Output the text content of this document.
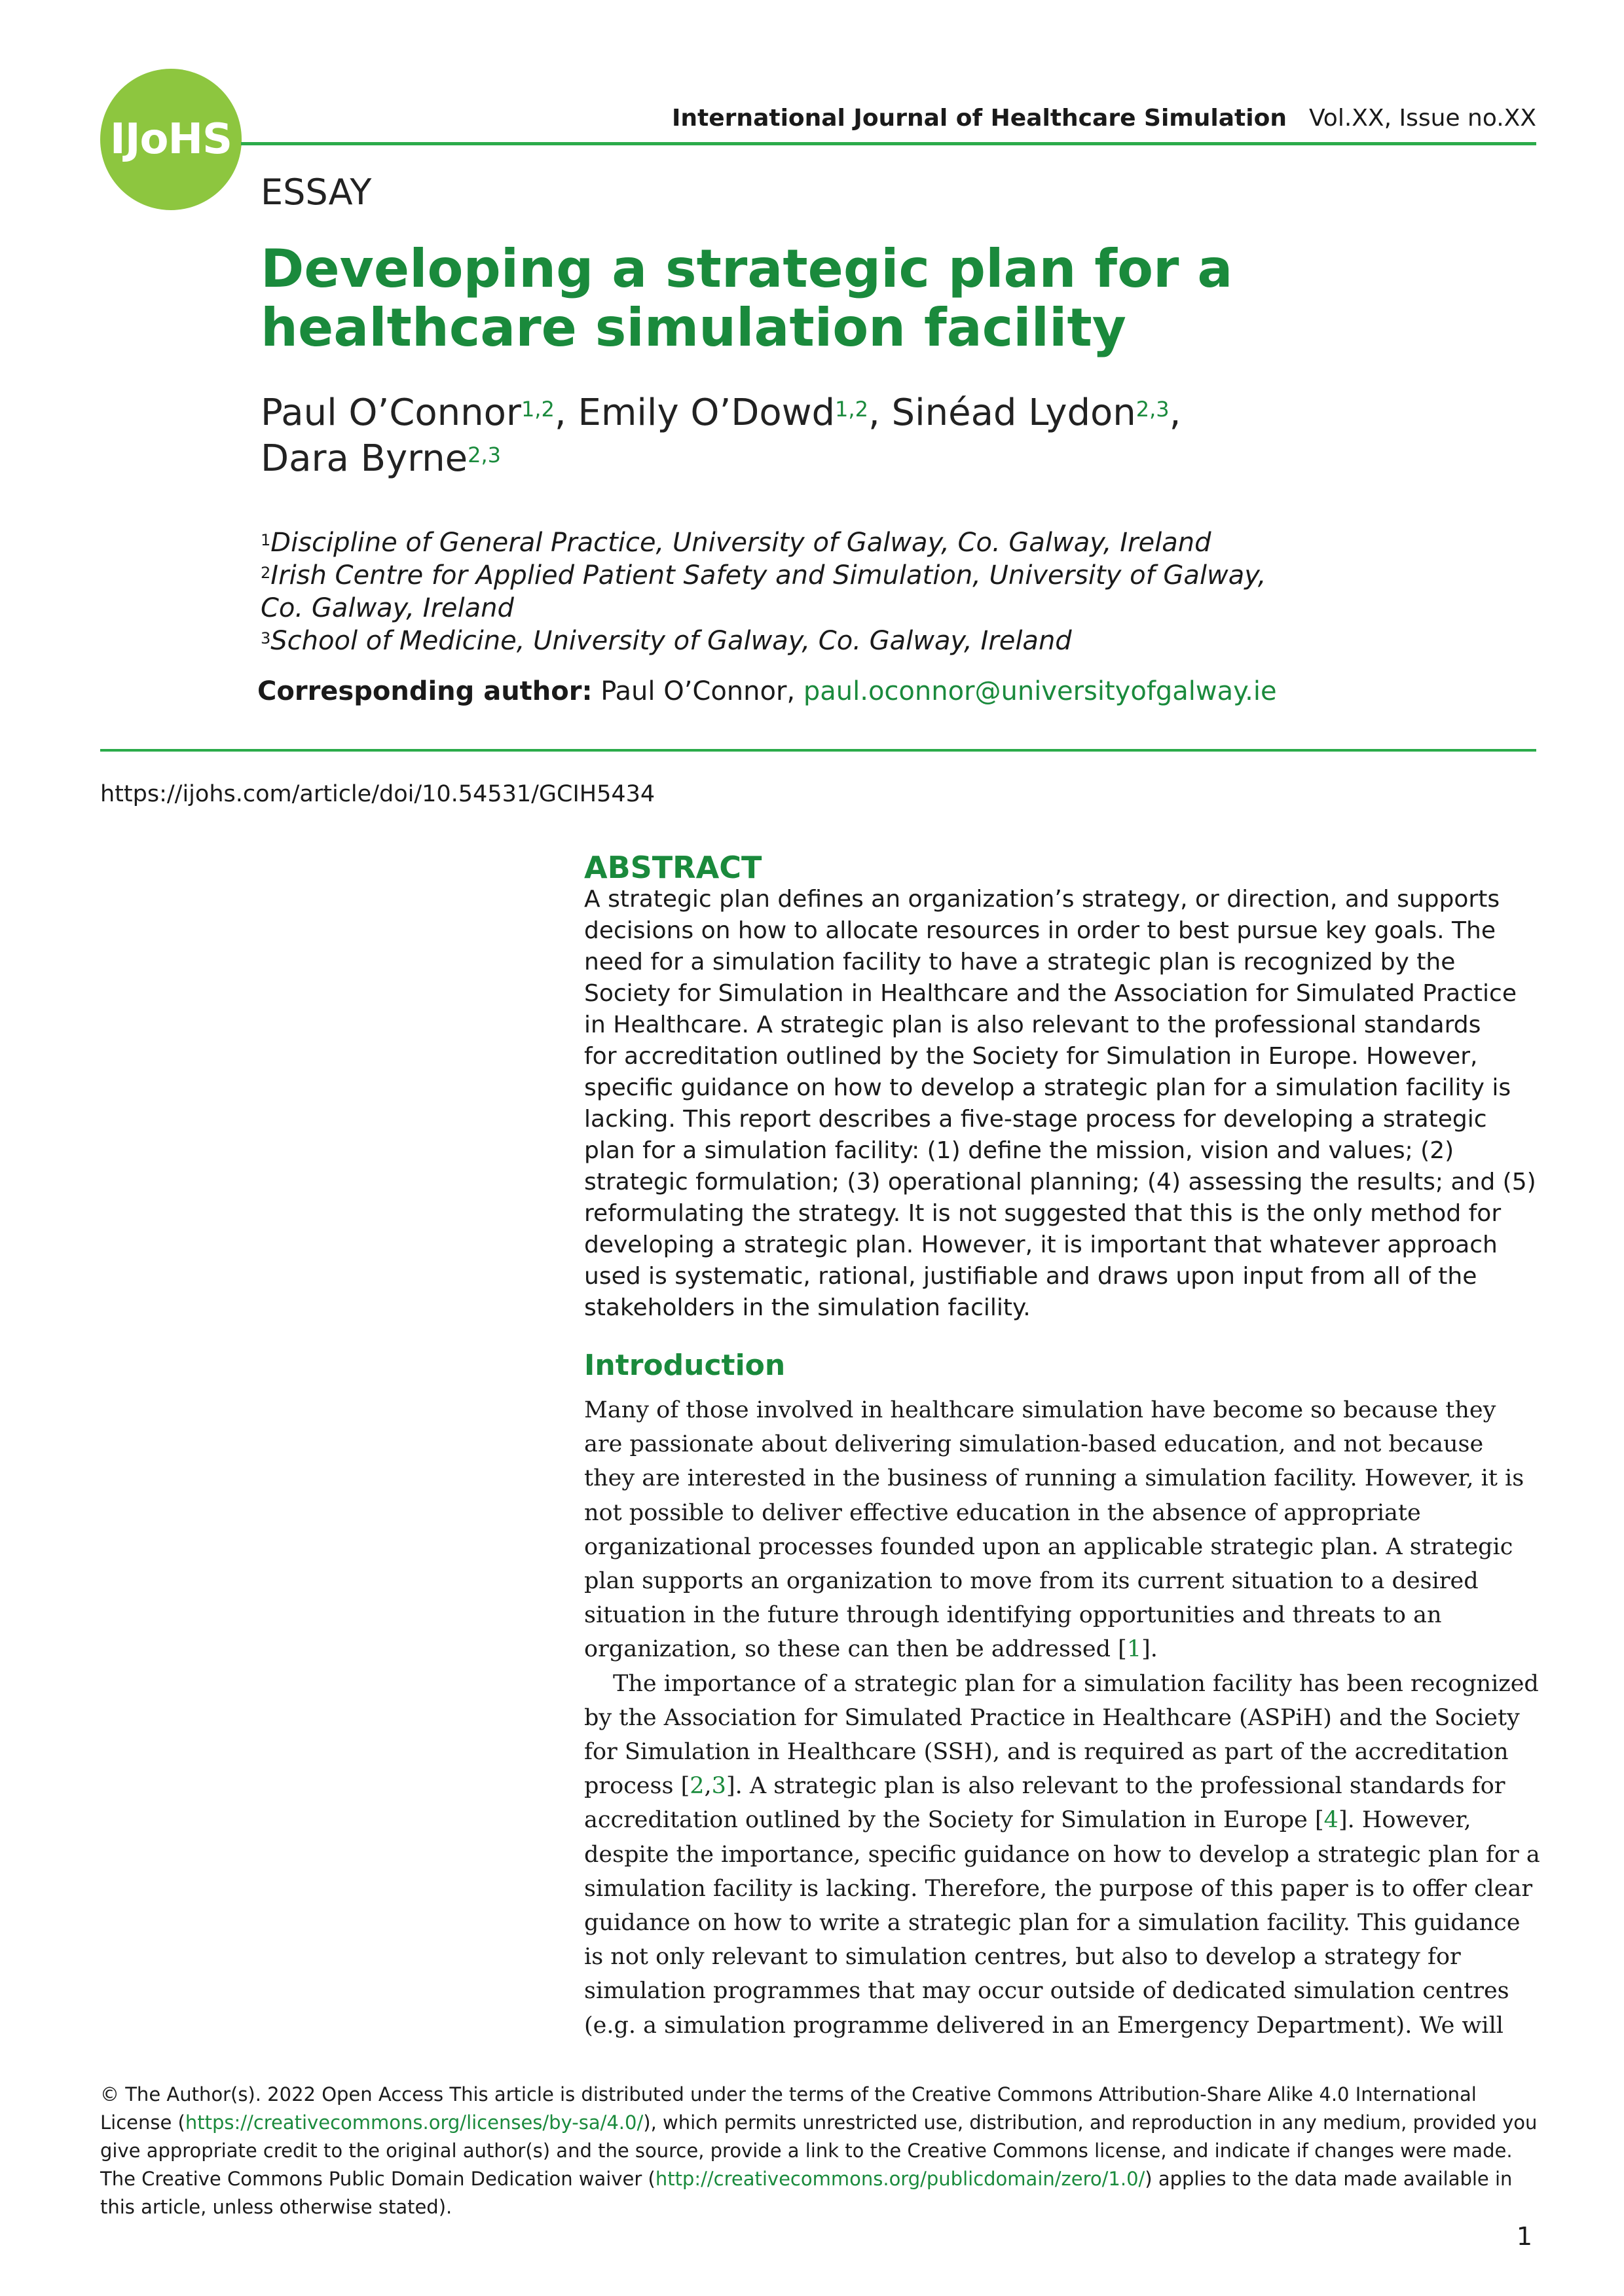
IJoHS	International Journal of Healthcare Simulation Vol.XX, Issue no.XX
ESSAY
Developing a strategic plan for a
healthcare simulation facility
Paul O’Connor$^{1,2}$, Emily O’Dowd$^{1,2}$, Sinéad Lydon$^{2,3}$,
Dara Byrne$^{2,3}$
$^1$Discipline of General Practice, University of Galway, Co. Galway, Ireland
$^2$Irish Centre for Applied Patient Safety and Simulation, University of Galway,
Co. Galway, Ireland
$^3$School of Medicine, University of Galway, Co. Galway, Ireland
Corresponding author: Paul O’Connor, paul.oconnor@universityofgalway.ie
https://ijohs.com/article/doi/10.54531/GCIH5434
ABSTRACT
A strategic plan defines an organization’s strategy, or direction, and supports
decisions on how to allocate resources in order to best pursue key goals. The
need for a simulation facility to have a strategic plan is recognized by the
Society for Simulation in Healthcare and the Association for Simulated Practice
in Healthcare. A strategic plan is also relevant to the professional standards
for accreditation outlined by the Society for Simulation in Europe. However,
specific guidance on how to develop a strategic plan for a simulation facility is
lacking. This report describes a five-stage process for developing a strategic
plan for a simulation facility: (1) define the mission, vision and values; (2)
strategic formulation; (3) operational planning; (4) assessing the results; and (5)
reformulating the strategy. It is not suggested that this is the only method for
developing a strategic plan. However, it is important that whatever approach
used is systematic, rational, justifiable and draws upon input from all of the
stakeholders in the simulation facility.
Introduction

Many of those involved in healthcare simulation have become so because they are passionate about delivering simulation-based education, and not because they are interested in the business of running a simulation facility. However, it is not possible to deliver effective education in the absence of appropriate organizational processes founded upon an applicable strategic plan. A strategic plan supports an organization to move from its current situation to a desired situation in the future through identifying opportunities and threats to an organization, so these can then be addressed [1].

The importance of a strategic plan for a simulation facility has been recognized by the Association for Simulated Practice in Healthcare (ASPiH) and the Society for Simulation in Healthcare (SSH), and is required as part of the accreditation process [2,3]. A strategic plan is also relevant to the professional standards for accreditation outlined by the Society for Simulation in Europe [4]. However, despite the importance, specific guidance on how to develop a strategic plan for a simulation facility is lacking. Therefore, the purpose of this paper is to offer clear guidance on how to write a strategic plan for a simulation facility. This guidance is not only relevant to simulation centres, but also to develop a strategy for simulation programmes that may occur outside of dedicated simulation centres (e.g. a simulation programme delivered in an Emergency Department). We will

© The Author(s). 2022 Open Access This article is distributed under the terms of the Creative Commons Attribution-Share Alike 4.0 International License (https://creativecommons.org/licenses/by-sa/4.0/), which permits unrestricted use, distribution, and reproduction in any medium, provided you give appropriate credit to the original author(s) and the source, provide a link to the Creative Commons license, and indicate if changes were made. The Creative Commons Public Domain Dedication waiver (http://creativecommons.org/publicdomain/zero/1.0/) applies to the data made available in this article, unless otherwise stated).
1
